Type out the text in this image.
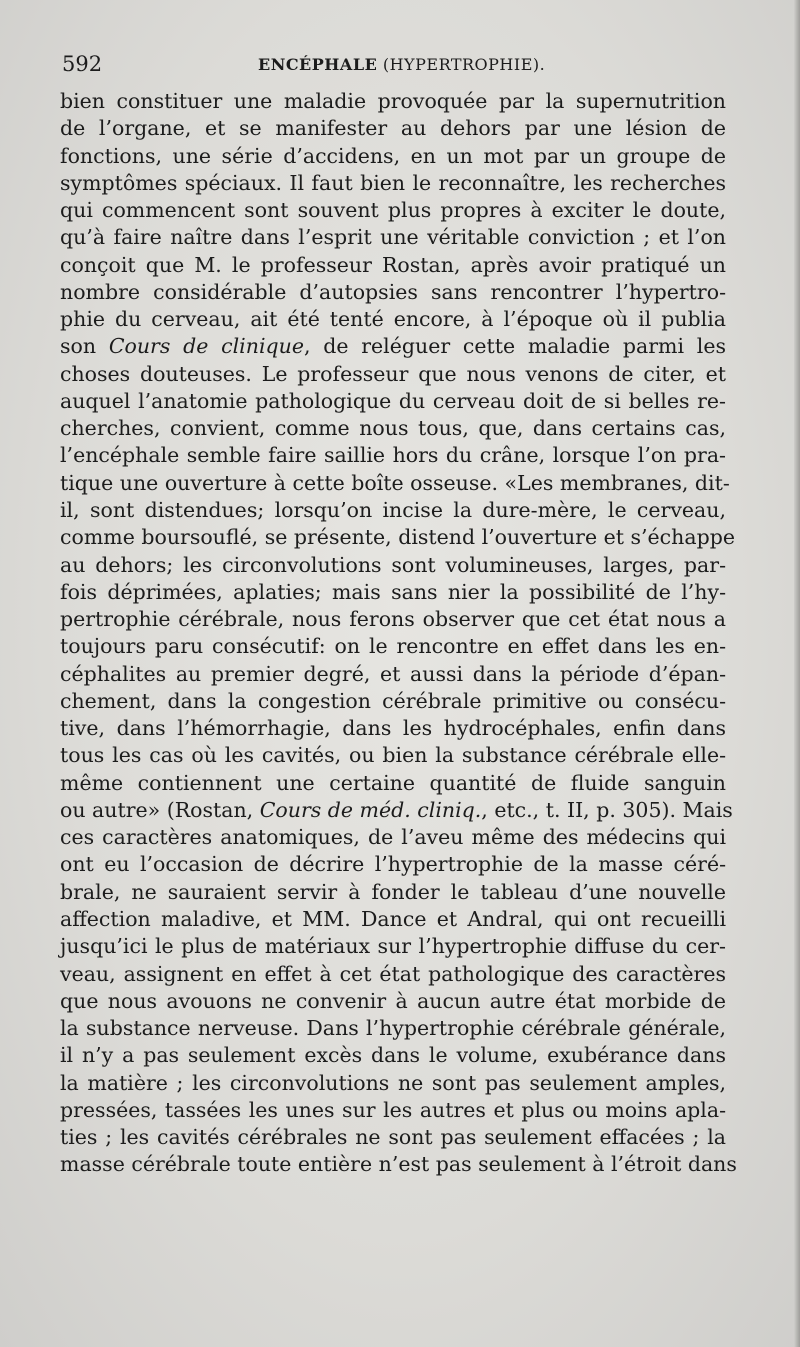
592	ENCÉPHALE (HYPERTROPHIE).
bien constituer une maladie provoquée par la supernutrition
de l’organe, et se manifester au dehors par une lésion de
fonctions, une série d’accidens, en un mot par un groupe de
symptômes spéciaux. Il faut bien le reconnaître, les recherches
qui commencent sont souvent plus propres à exciter le doute,
qu’à faire naître dans l’esprit une véritable conviction ; et l’on
conçoit que M. le professeur Rostan, après avoir pratiqué un
nombre considérable d’autopsies sans rencontrer l’hypertro-
phie du cerveau, ait été tenté encore, à l’époque où il publia
son Cours de clinique, de reléguer cette maladie parmi les
choses douteuses. Le professeur que nous venons de citer, et
auquel l’anatomie pathologique du cerveau doit de si belles re-
cherches, convient, comme nous tous, que, dans certains cas,
l’encéphale semble faire saillie hors du crâne, lorsque l’on pra-
tique une ouverture à cette boîte osseuse. «Les membranes, dit-
il, sont distendues; lorsqu’on incise la dure-mère, le cerveau,
comme boursouflé, se présente, distend l’ouverture et s’échappe
au dehors; les circonvolutions sont volumineuses, larges, par-
fois déprimées, aplaties; mais sans nier la possibilité de l’hy-
pertrophie cérébrale, nous ferons observer que cet état nous a
toujours paru consécutif: on le rencontre en effet dans les en-
céphalites au premier degré, et aussi dans la période d’épan-
chement, dans la congestion cérébrale primitive ou consécu-
tive, dans l’hémorrhagie, dans les hydrocéphales, enfin dans
tous les cas où les cavités, ou bien la substance cérébrale elle-
même contiennent une certaine quantité de fluide sanguin
ou autre» (Rostan, Cours de méd. cliniq., etc., t. II, p. 305). Mais
ces caractères anatomiques, de l’aveu même des médecins qui
ont eu l’occasion de décrire l’hypertrophie de la masse céré-
brale, ne sauraient servir à fonder le tableau d’une nouvelle
affection maladive, et MM. Dance et Andral, qui ont recueilli
jusqu’ici le plus de matériaux sur l’hypertrophie diffuse du cer-
veau, assignent en effet à cet état pathologique des caractères
que nous avouons ne convenir à aucun autre état morbide de
la substance nerveuse. Dans l’hypertrophie cérébrale générale,
il n’y a pas seulement excès dans le volume, exubérance dans
la matière ; les circonvolutions ne sont pas seulement amples,
pressées, tassées les unes sur les autres et plus ou moins apla-
ties ; les cavités cérébrales ne sont pas seulement effacées ; la
masse cérébrale toute entière n’est pas seulement à l’étroit dans
